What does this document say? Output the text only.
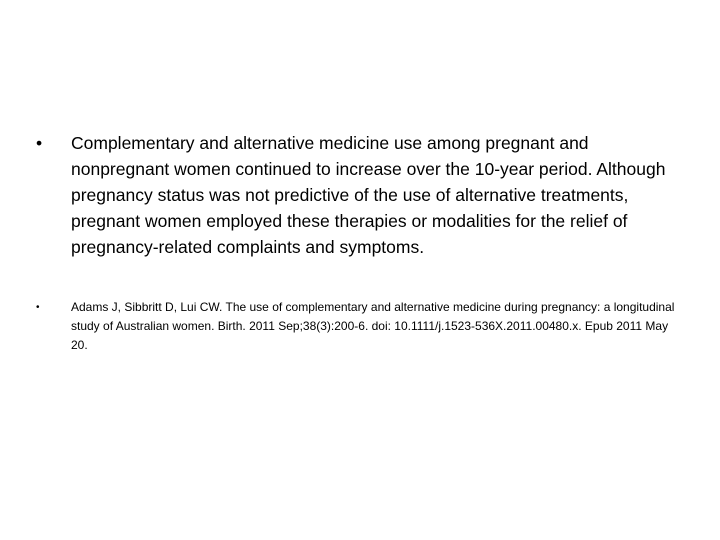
• Complementary and alternative medicine use among pregnant and nonpregnant women continued to increase over the 10-year period. Although pregnancy status was not predictive of the use of alternative treatments, pregnant women employed these therapies or modalities for the relief of pregnancy-related complaints and symptoms.
•	Adams J, Sibbritt D, Lui CW. The use of complementary and alternative medicine during pregnancy: a longitudinal study of Australian women. Birth. 2011 Sep;38(3):200-6. doi: 10.1111/j.1523-536X.2011.00480.x. Epub 2011 May 20.
